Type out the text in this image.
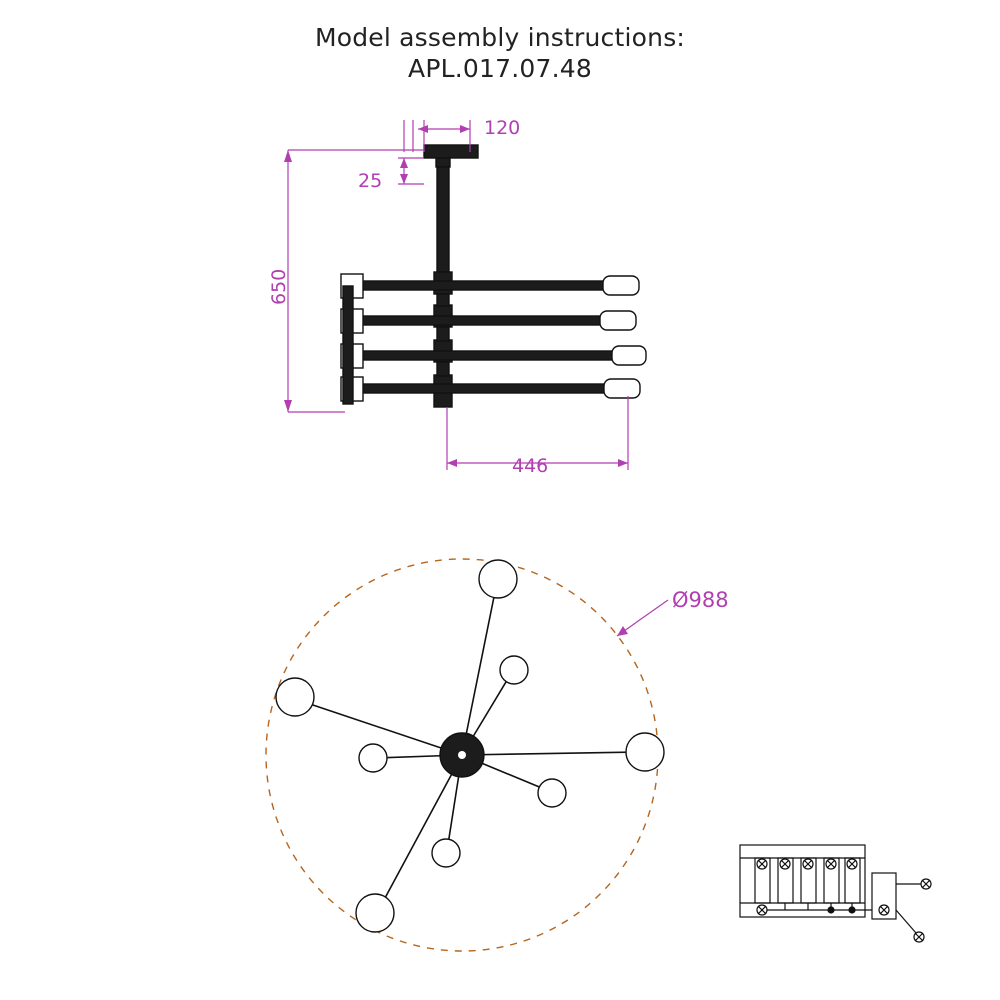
Model assembly instructions:
APL.017.07.48
120
25
650
446
Ø988
